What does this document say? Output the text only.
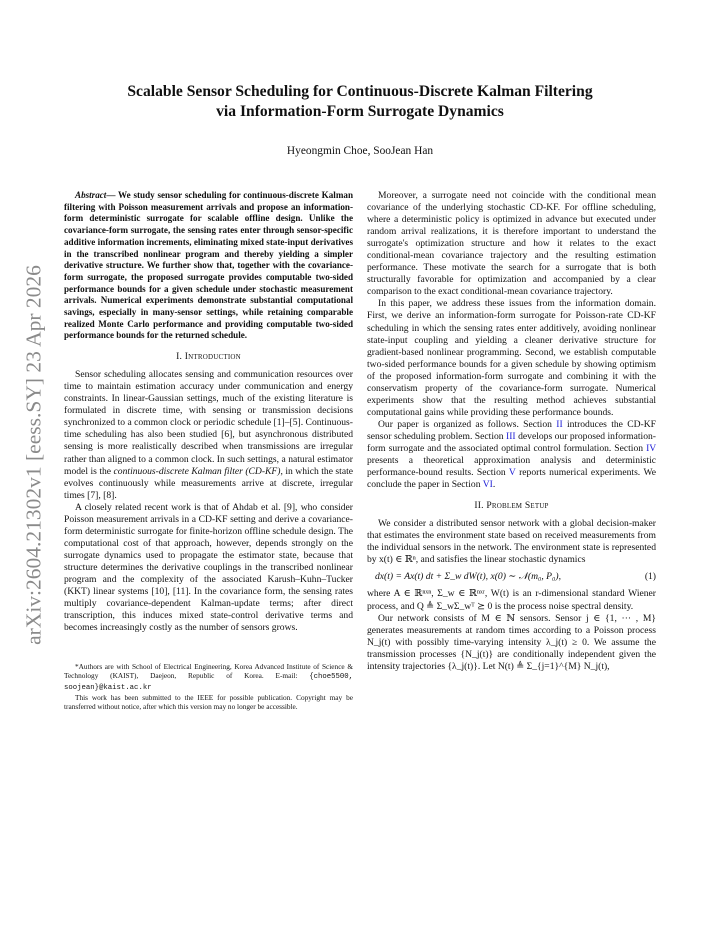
arXiv:2604.21302v1 [eess.SY] 23 Apr 2026
Scalable Sensor Scheduling for Continuous-Discrete Kalman Filtering
via Information-Form Surrogate Dynamics
Hyeongmin Choe, SooJean Han

Abstract— We study sensor scheduling for continuous-discrete Kalman filtering with Poisson measurement arrivals and propose an information-form deterministic surrogate for scalable offline design. Unlike the covariance-form surrogate, the sensing rates enter through sensor-specific additive information increments, eliminating mixed state-input derivatives in the transcribed nonlinear program and thereby yielding a simpler derivative structure. We further show that, together with the covariance-form surrogate, the proposed surrogate provides computable two-sided performance bounds for a given schedule under stochastic measurement arrivals. Numerical experiments demonstrate substantial computational savings, especially in many-sensor settings, while retaining comparable realized Monte Carlo performance and providing computable two-sided performance bounds for the returned schedule.

I. Introduction

Sensor scheduling allocates sensing and communication resources over time to maintain estimation accuracy under communication and energy constraints. In linear-Gaussian settings, much of the existing literature is formulated in discrete time, with sensing or transmission decisions synchronized to a common clock or periodic schedule [1]–[5]. Continuous-time scheduling has also been studied [6], but asynchronous distributed sensing is more realistically described when transmissions are irregular rather than aligned to a common clock. In such settings, a natural estimator model is the continuous-discrete Kalman filter (CD-KF), in which the state evolves continuously while measurements arrive at discrete, irregular times [7], [8].

A closely related recent work is that of Ahdab et al. [9], who consider Poisson measurement arrivals in a CD-KF setting and derive a covariance-form deterministic surrogate for finite-horizon offline schedule design. The computational cost of that approach, however, depends strongly on the surrogate dynamics used to propagate the estimator state, because that structure determines the derivative couplings in the transcribed nonlinear program and the complexity of the associated Karush–Kuhn–Tucker (KKT) linear systems [10], [11]. In the covariance form, the sensing rates multiply covariance-dependent Kalman-update terms; after direct transcription, this induces mixed state-control derivative terms and becomes increasingly costly as the number of sensors grows.

*Authors are with School of Electrical Engineering, Korea Advanced Institute of Science & Technology (KAIST), Daejeon, Republic of Korea. E-mail: {choe5500, soojean}@kaist.ac.kr

This work has been submitted to the IEEE for possible publication. Copyright may be transferred without notice, after which this version may no longer be accessible.

Moreover, a surrogate need not coincide with the conditional mean covariance of the underlying stochastic CD-KF. For offline scheduling, where a deterministic policy is optimized in advance but executed under random arrival realizations, it is therefore important to understand the surrogate's optimization structure and how it relates to the exact conditional-mean covariance trajectory and the resulting estimation performance. These motivate the search for a surrogate that is both structurally favorable for optimization and accompanied by a clear comparison to the exact conditional-mean covariance trajectory.

In this paper, we address these issues from the information domain. First, we derive an information-form surrogate for Poisson-rate CD-KF scheduling in which the sensing rates enter additively, avoiding nonlinear state-input coupling and yielding a cleaner derivative structure for gradient-based nonlinear programming. Second, we establish computable two-sided performance bounds for a given schedule by showing optimism of the proposed information-form surrogate and combining it with the conservatism property of the covariance-form surrogate. Numerical experiments show that the resulting method achieves substantial computational gains while providing these performance bounds.

Our paper is organized as follows. Section II introduces the CD-KF sensor scheduling problem. Section III develops our proposed information-form surrogate and the associated optimal control formulation. Section IV presents a theoretical approximation analysis and deterministic performance-bound results. Section V reports numerical experiments. We conclude the paper in Section VI.

II. Problem Setup

We consider a distributed sensor network with a global decision-maker that estimates the environment state based on received measurements from the individual sensors in the network. The environment state is represented by x(t) ∈ ℝⁿ, and satisfies the linear stochastic dynamics

dx(t) = Ax(t) dt + Σ_w dW(t), x(0) ∼ 𝒩(m₀, P₀),	(1)

where A ∈ ℝⁿˣⁿ, Σ_w ∈ ℝⁿˣʳ, W(t) is an r-dimensional standard Wiener process, and Q ≜ Σ_wΣ_wᵀ ⪰ 0 is the process noise spectral density.

Our network consists of M ∈ ℕ sensors. Sensor j ∈ {1, ··· , M} generates measurements at random times according to a Poisson process N_j(t) with possibly time-varying intensity λ_j(t) ≥ 0. We assume the transmission processes {N_j(t)} are conditionally independent given the intensity trajectories {λ_j(t)}. Let N(t) ≜ Σ_{j=1}^{M} N_j(t),
